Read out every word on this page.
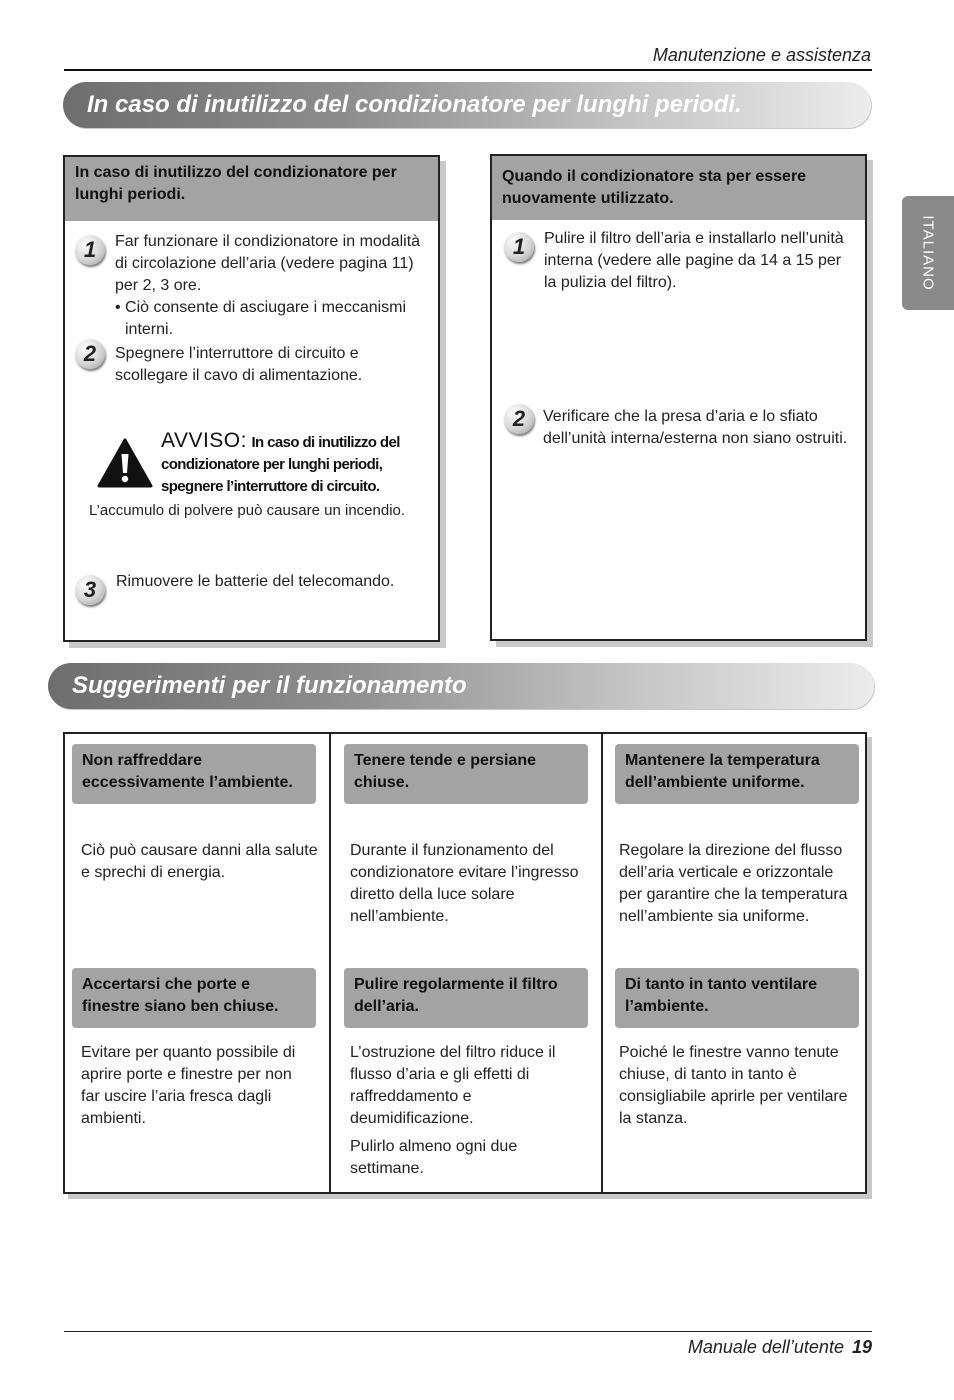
Manutenzione e assistenza
In caso di inutilizzo del condizionatore per lunghi periodi.
ITALIANO
In caso di inutilizzo del condizionatore per lunghi periodi.
1	Far funzionare il condizionatore in modalità di circolazione dell’aria (vedere pagina 11) per 2, 3 ore.
• Ciò consente di asciugare i meccanismi interni.
2	Spegnere l’interruttore di circuito e scollegare il cavo di alimentazione.
AVVISO: In caso di inutilizzo del condizionatore per lunghi periodi, spegnere l’interruttore di circuito.
L’accumulo di polvere può causare un incendio.
3	Rimuovere le batterie del telecomando.
Quando il condizionatore sta per essere nuovamente utilizzato.
1	Pulire il filtro dell’aria e installarlo nell’unità interna (vedere alle pagine da 14 a 15 per la pulizia del filtro).
2	Verificare che la presa d’aria e lo sfiato dell’unità interna/esterna non siano ostruiti.
Suggerimenti per il funzionamento
Non raffreddare eccessivamente l’ambiente.
Ciò può causare danni alla salute e sprechi di energia.
Tenere tende e persiane chiuse.
Durante il funzionamento del condizionatore evitare l’ingresso diretto della luce solare nell’ambiente.
Mantenere la temperatura dell’ambiente uniforme.
Regolare la direzione del flusso dell’aria verticale e orizzontale per garantire che la temperatura nell’ambiente sia uniforme.
Accertarsi che porte e finestre siano ben chiuse.
Evitare per quanto possibile di aprire porte e finestre per non far uscire l’aria fresca dagli ambienti.
Pulire regolarmente il filtro dell’aria.
L’ostruzione del filtro riduce il flusso d’aria e gli effetti di raffreddamento e deumidificazione.
Pulirlo almeno ogni due settimane.
Di tanto in tanto ventilare l’ambiente.
Poiché le finestre vanno tenute chiuse, di tanto in tanto è consigliabile aprirle per ventilare la stanza.
Manuale dell’utente 19
